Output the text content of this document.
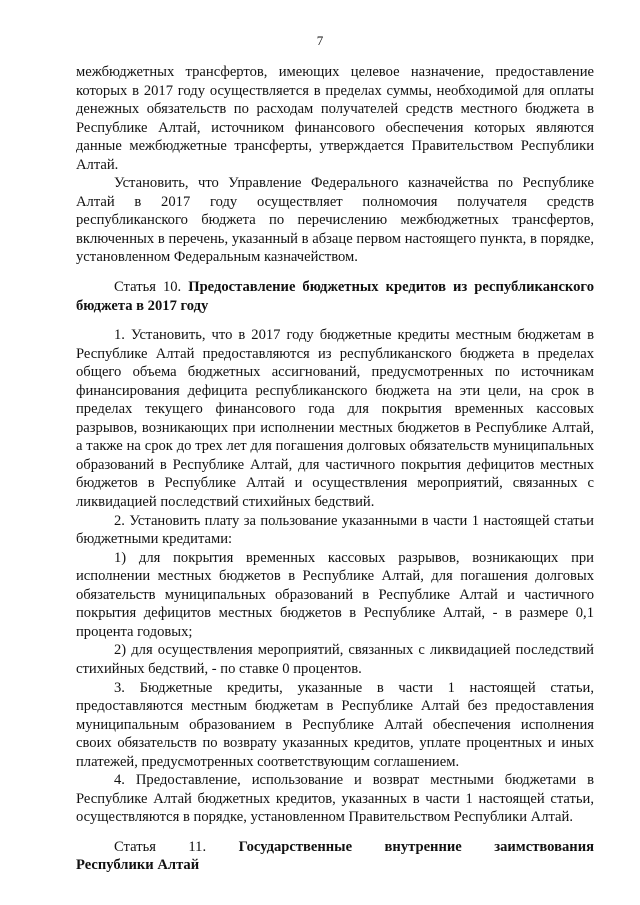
7

межбюджетных трансфертов, имеющих целевое назначение, предоставление которых в 2017 году осуществляется в пределах суммы, необходимой для оплаты денежных обязательств по расходам получателей средств местного бюджета в Республике Алтай, источником финансового обеспечения которых являются данные межбюджетные трансферты, утверждается Правительством Республики Алтай.

Установить, что Управление Федерального казначейства по Республике Алтай в 2017 году осуществляет полномочия получателя средств республиканского бюджета по перечислению межбюджетных трансфертов, включенных в перечень, указанный в абзаце первом настоящего пункта, в порядке, установленном Федеральным казначейством.

Статья 10. Предоставление бюджетных кредитов из республиканского бюджета в 2017 году

1. Установить, что в 2017 году бюджетные кредиты местным бюджетам в Республике Алтай предоставляются из республиканского бюджета в пределах общего объема бюджетных ассигнований, предусмотренных по источникам финансирования дефицита республиканского бюджета на эти цели, на срок в пределах текущего финансового года для покрытия временных кассовых разрывов, возникающих при исполнении местных бюджетов в Республике Алтай, а также на срок до трех лет для погашения долговых обязательств муниципальных образований в Республике Алтай, для частичного покрытия дефицитов местных бюджетов в Республике Алтай и осуществления мероприятий, связанных с ликвидацией последствий стихийных бедствий.

2. Установить плату за пользование указанными в части 1 настоящей статьи бюджетными кредитами:

1) для покрытия временных кассовых разрывов, возникающих при исполнении местных бюджетов в Республике Алтай, для погашения долговых обязательств муниципальных образований в Республике Алтай и частичного покрытия дефицитов местных бюджетов в Республике Алтай, - в размере 0,1 процента годовых;

2) для осуществления мероприятий, связанных с ликвидацией последствий стихийных бедствий, - по ставке 0 процентов.

3. Бюджетные кредиты, указанные в части 1 настоящей статьи, предоставляются местным бюджетам в Республике Алтай без предоставления муниципальным образованием в Республике Алтай обеспечения исполнения своих обязательств по возврату указанных кредитов, уплате процентных и иных платежей, предусмотренных соответствующим соглашением.

4. Предоставление, использование и возврат местными бюджетами в Республике Алтай бюджетных кредитов, указанных в части 1 настоящей статьи, осуществляются в порядке, установленном Правительством Республики Алтай.

Статья 11. Государственные внутренние заимствования

Республики Алтай
